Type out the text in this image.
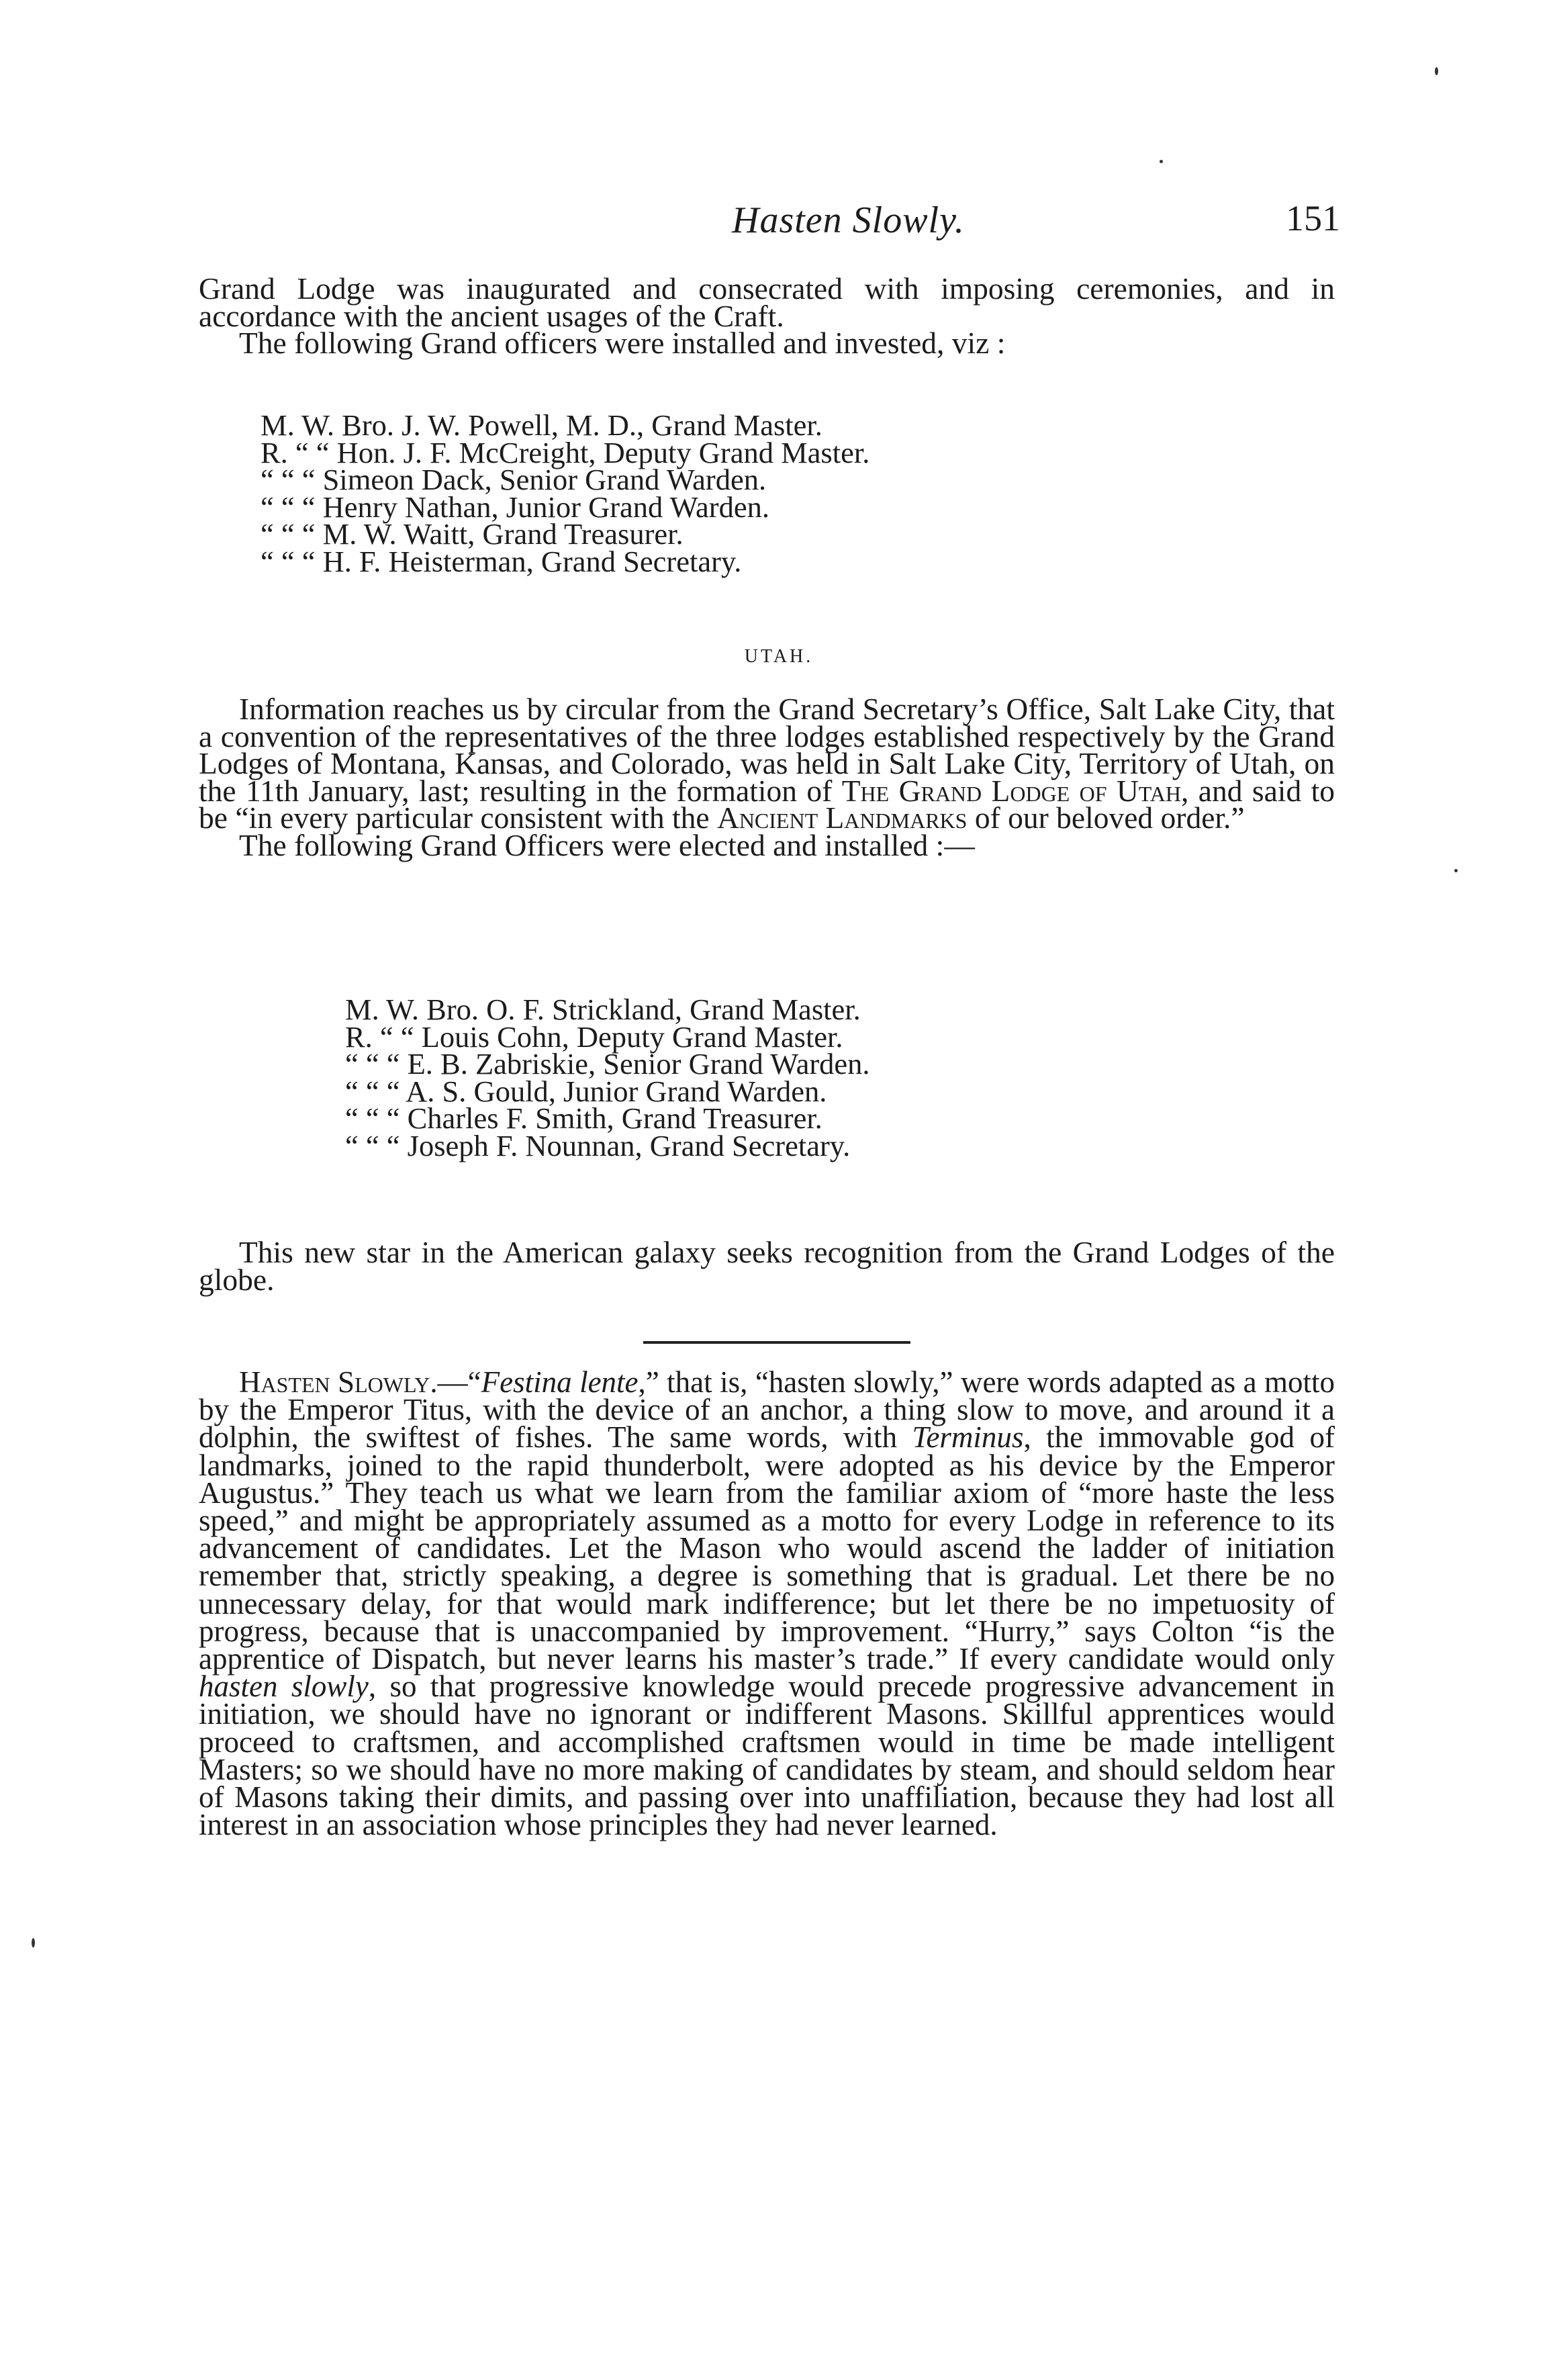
Hasten Slowly.	151

Grand Lodge was inaugurated and consecrated with imposing ceremonies, and in accordance with the ancient usages of the Craft.

The following Grand officers were installed and invested, viz :

M. W. Bro. J. W. Powell, M. D., Grand Master.
R. “ “ Hon. J. F. McCreight, Deputy Grand Master.
“ “ “ Simeon Dack, Senior Grand Warden.
“ “ “ Henry Nathan, Junior Grand Warden.
“ “ “ M. W. Waitt, Grand Treasurer.
“ “ “ H. F. Heisterman, Grand Secretary.
UTAH.

Information reaches us by circular from the Grand Secretary’s Office, Salt Lake City, that a convention of the representatives of the three lodges established respectively by the Grand Lodges of Montana, Kansas, and Colorado, was held in Salt Lake City, Territory of Utah, on the 11th January, last; resulting in the formation of The Grand Lodge of Utah, and said to be “in every particular consistent with the Ancient Landmarks of our beloved order.”

The following Grand Officers were elected and installed :—

M. W. Bro. O. F. Strickland, Grand Master.
R. “ “ Louis Cohn, Deputy Grand Master.
“ “ “ E. B. Zabriskie, Senior Grand Warden.
“ “ “ A. S. Gould, Junior Grand Warden.
“ “ “ Charles F. Smith, Grand Treasurer.
“ “ “ Joseph F. Nounnan, Grand Secretary.

This new star in the American galaxy seeks recognition from the Grand Lodges of the globe.

Hasten Slowly.—“Festina lente,” that is, “hasten slowly,” were words adapted as a motto by the Emperor Titus, with the device of an anchor, a thing slow to move, and around it a dolphin, the swiftest of fishes. The same words, with Terminus, the immovable god of landmarks, joined to the rapid thunderbolt, were adopted as his device by the Emperor Augustus.” They teach us what we learn from the familiar axiom of “more haste the less speed,” and might be appropriately assumed as a motto for every Lodge in reference to its advancement of candidates. Let the Mason who would ascend the ladder of initiation remember that, strictly speaking, a degree is something that is gradual. Let there be no unnecessary delay, for that would mark indifference; but let there be no impetuosity of progress, because that is unaccompanied by improvement. “Hurry,” says Colton “is the apprentice of Dispatch, but never learns his master’s trade.” If every candidate would only hasten slowly, so that progressive knowledge would precede progressive advancement in initiation, we should have no ignorant or indifferent Masons. Skillful apprentices would proceed to craftsmen, and accomplished craftsmen would in time be made intelligent Masters; so we should have no more making of candidates by steam, and should seldom hear of Masons taking their dimits, and passing over into unaffiliation, because they had lost all interest in an association whose principles they had never learned.
